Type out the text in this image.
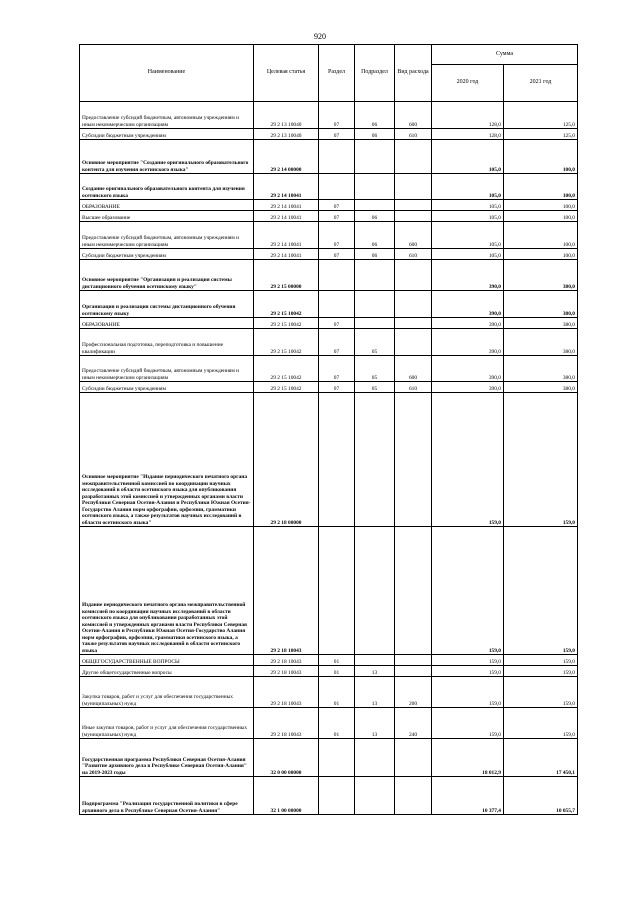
920
Наименование	Целевая статья	Раздел	Подраздел	Вид расхода	Сумма	
					2020 год	2021 год
Предоставление субсидий бюджетным, автономным учреждениям и иным некоммерческим организациям	29 2 13 10040	07	06	600	128,0	125,0
Субсидии бюджетным учреждениям	29 2 13 10040	07	06	610	128,0	125,0
Основное мероприятие "Создание оригинального образовательного контента для изучения осетинского языка"	29 2 14 00000				105,0	100,0
Создание оригинального образовательного контента для изучения осетинского языка	29 2 14 10041				105,0	100,0
ОБРАЗОВАНИЕ	29 2 14 10041	07			105,0	100,0
Высшее образование	29 2 14 10041	07	06		105,0	100,0
Предоставление субсидий бюджетным, автономным учреждениям и иным некоммерческим организациям	29 2 14 10041	07	06	600	105,0	100,0
Субсидии бюджетным учреждениям	29 2 14 10041	07	06	610	105,0	100,0
Основное мероприятие "Организация и реализация системы дистанционного обучения осетинскому языку"	29 2 15 00000				390,0	380,0
Организация и реализация системы дистанционного обучения осетинскому языку	29 2 15 10042				390,0	380,0
ОБРАЗОВАНИЕ	29 2 15 10042	07			390,0	380,0
Профессиональная подготовка, переподготовка и повышение квалификации	29 2 15 10042	07	05		390,0	380,0
Предоставление субсидий бюджетным, автономным учреждениям и иным некоммерческим организациям	29 2 15 10042	07	05	600	390,0	380,0
Субсидии бюджетным учреждениям	29 2 15 10042	07	05	610	390,0	380,0
Основное мероприятие "Издание периодического печатного органа межправительственной комиссией по координации научных исследований в области осетинского языка для опубликования разработанных этой комиссией и утвержденных органами власти Республики Северная Осетия-Алания и Республики Южная Осетия-Государство Алания норм орфографии, орфоэпии, грамматики осетинского языка, а также результатов научных исследований в области осетинского языка"	29 2 18 00000				159,0	159,0
Издание периодического печатного органа межправительственной комиссией по координации научных исследований в области осетинского языка для опубликования разработанных этой комиссией и утвержденных органами власти Республики Северная Осетия-Алания и Республики Южная Осетия-Государство Алания норм орфографии, орфоэпии, грамматики осетинского языка, а также результатов научных исследований в области осетинского языка	29 2 18 10043				159,0	159,0
ОБЩЕГОСУДАРСТВЕННЫЕ ВОПРОСЫ	29 2 18 10043	01			159,0	159,0
Другие общегосударственные вопросы	29 2 18 10043	01	13		159,0	159,0
Закупка товаров, работ и услуг для обеспечения государственных (муниципальных) нужд	29 2 18 10043	01	13	200	159,0	159,0
Иные закупки товаров, работ и услуг для обеспечения государственных (муниципальных) нужд	29 2 18 10043	01	13	240	159,0	159,0
Государственная программа Республики Северная Осетия-Алания "Развитие архивного дела в Республике Северная Осетия-Алания" на 2019-2023 годы	32 0 00 00000				18 012,9	17 450,1
Подпрограмма "Реализация государственной политики в сфере архивного дела в Республике Северная Осетия-Алания"	32 1 00 00000				10 377,4	10 055,7
